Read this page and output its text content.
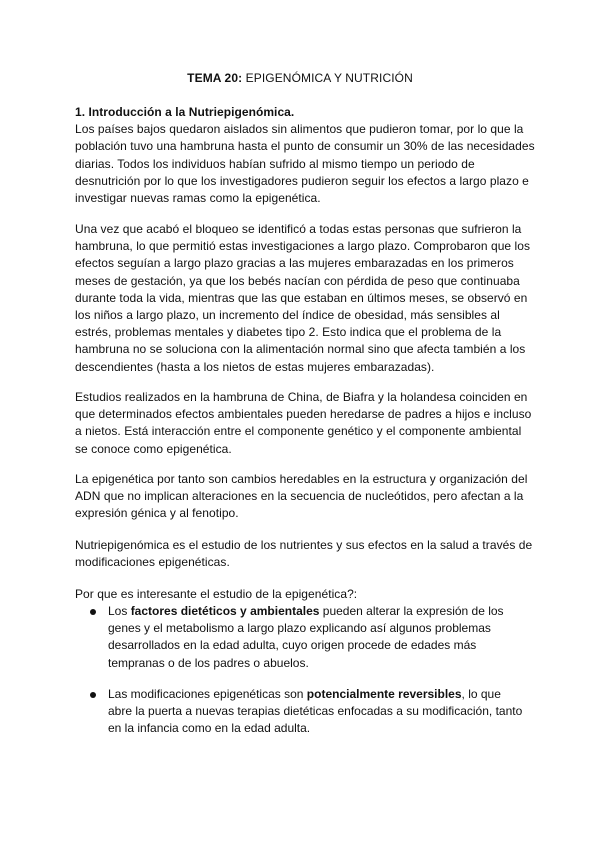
TEMA 20: EPIGENÓMICA Y NUTRICIÓN

1. Introducción a la Nutriepigenómica.

Los países bajos quedaron aislados sin alimentos que pudieron tomar, por lo que la población tuvo una hambruna hasta el punto de consumir un 30% de las necesidades diarias. Todos los individuos habían sufrido al mismo tiempo un periodo de desnutrición por lo que los investigadores pudieron seguir los efectos a largo plazo e investigar nuevas ramas como la epigenética.

Una vez que acabó el bloqueo se identificó a todas estas personas que sufrieron la hambruna, lo que permitió estas investigaciones a largo plazo. Comprobaron que los efectos seguían a largo plazo gracias a las mujeres embarazadas en los primeros meses de gestación, ya que los bebés nacían con pérdida de peso que continuaba durante toda la vida, mientras que las que estaban en últimos meses, se observó en los niños a largo plazo, un incremento del índice de obesidad, más sensibles al estrés, problemas mentales y diabetes tipo 2. Esto indica que el problema de la hambruna no se soluciona con la alimentación normal sino que afecta también a los descendientes (hasta a los nietos de estas mujeres embarazadas).

Estudios realizados en la hambruna de China, de Biafra y la holandesa coinciden en que determinados efectos ambientales pueden heredarse de padres a hijos e incluso a nietos. Está interacción entre el componente genético y el componente ambiental se conoce como epigenética.

La epigenética por tanto son cambios heredables en la estructura y organización del ADN que no implican alteraciones en la secuencia de nucleótidos, pero afectan a la expresión génica y al fenotipo.

Nutriepigenómica es el estudio de los nutrientes y sus efectos en la salud a través de modificaciones epigenéticas.

Por que es interesante el estudio de la epigenética?:

Los factores dietéticos y ambientales pueden alterar la expresión de los genes y el metabolismo a largo plazo explicando así algunos problemas desarrollados en la edad adulta, cuyo origen procede de edades más tempranas o de los padres o abuelos.
Las modificaciones epigenéticas son potencialmente reversibles, lo que abre la puerta a nuevas terapias dietéticas enfocadas a su modificación, tanto en la infancia como en la edad adulta.
